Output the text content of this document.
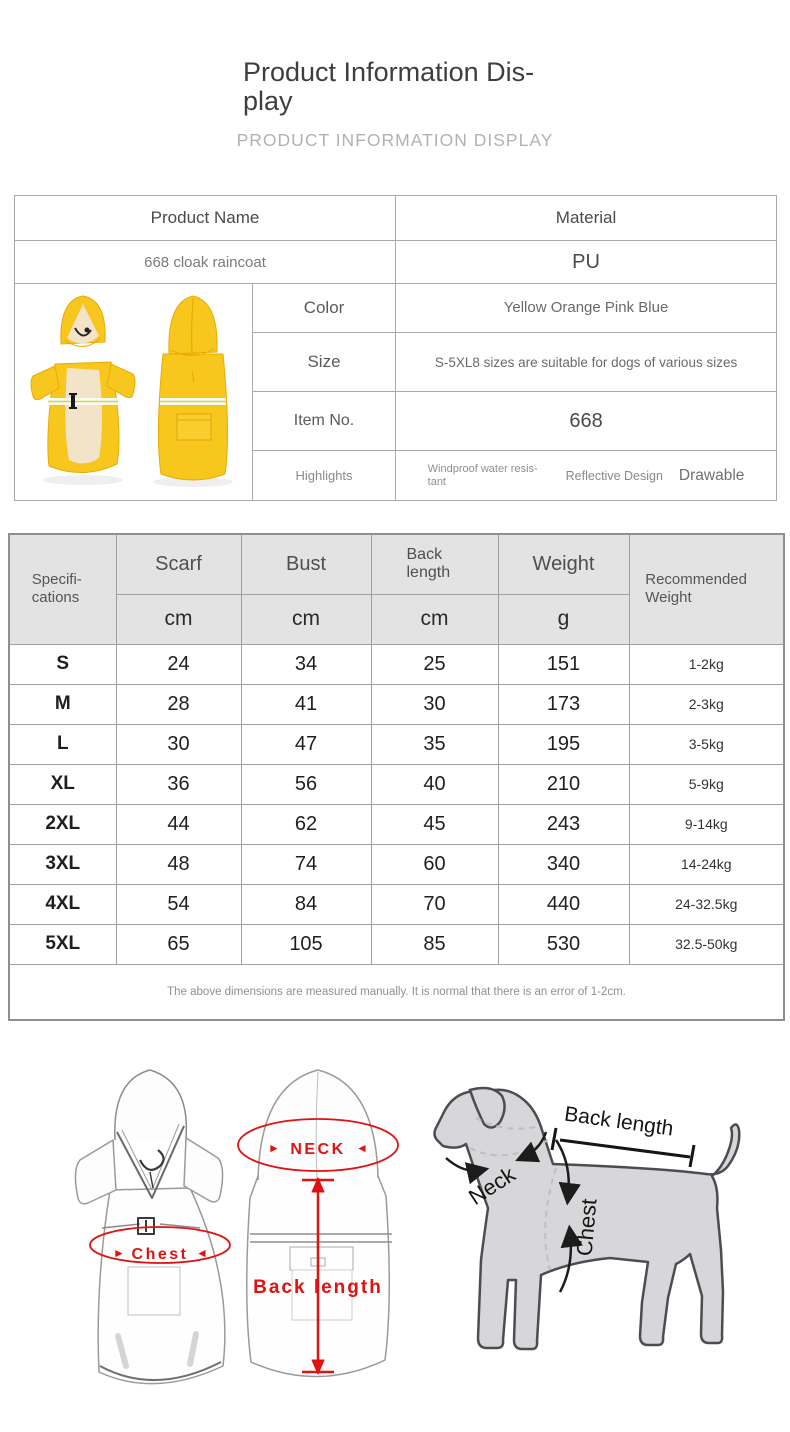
Product Information Dis-
play
PRODUCT INFORMATION DISPLAY
Product Name		Material
668 cloak raincoat		PU
	Color	Yellow Orange Pink Blue
	Size	S-5XL8 sizes are suitable for dogs of various sizes
	Item No.	668
	Highlights	Windproof water resis-tant Reflective Design Drawable
Specifi-cations	Scarf	Bust	Back length	Weight	Recommended Weight
	cm	cm	cm	g	
S	24	34	25	151	1-2kg
M	28	41	30	173	2-3kg
L	30	47	35	195	3-5kg
XL	36	56	40	210	5-9kg
2XL	44	62	45	243	9-14kg
3XL	48	74	60	340	14-24kg
4XL	54	84	70	440	24-32.5kg
5XL	65	105	85	530	32.5-50kg
The above dimensions are measured manually. It is normal that there is an error of 1-2cm.					
► Chest ◄
► NECK ◄
Back length
Back length
Neck
Chest
